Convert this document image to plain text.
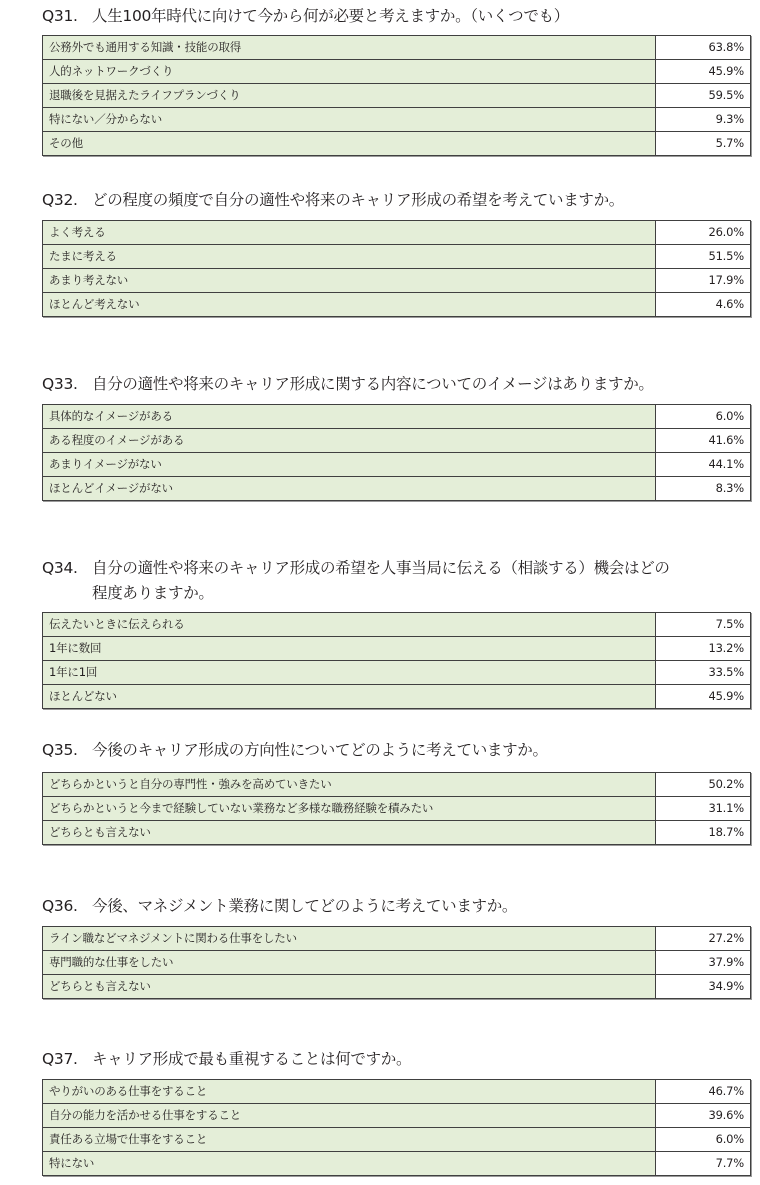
Q31. 人生100年時代に向けて今から何が必要と考えますか。（いくつでも）
公務外でも通用する知識・技能の取得	63.8%
人的ネットワークづくり	45.9%
退職後を見据えたライフプランづくり	59.5%
特にない／分からない	9.3%
その他	5.7%
Q32. どの程度の頻度で自分の適性や将来のキャリア形成の希望を考えていますか。
よく考える	26.0%
たまに考える	51.5%
あまり考えない	17.9%
ほとんど考えない	4.6%
Q33. 自分の適性や将来のキャリア形成に関する内容についてのイメージはありますか。
具体的なイメージがある	6.0%
ある程度のイメージがある	41.6%
あまりイメージがない	44.1%
ほとんどイメージがない	8.3%
Q34. 自分の適性や将来のキャリア形成の希望を人事当局に伝える（相談する）機会はどの
程度ありますか。
伝えたいときに伝えられる	7.5%
1年に数回	13.2%
1年に1回	33.5%
ほとんどない	45.9%
Q35. 今後のキャリア形成の方向性についてどのように考えていますか。
どちらかというと自分の専門性・強みを高めていきたい	50.2%
どちらかというと今まで経験していない業務など多様な職務経験を積みたい	31.1%
どちらとも言えない	18.7%
Q36. 今後、マネジメント業務に関してどのように考えていますか。
ライン職などマネジメントに関わる仕事をしたい	27.2%
専門職的な仕事をしたい	37.9%
どちらとも言えない	34.9%
Q37. キャリア形成で最も重視することは何ですか。
やりがいのある仕事をすること	46.7%
自分の能力を活かせる仕事をすること	39.6%
責任ある立場で仕事をすること	6.0%
特にない	7.7%
